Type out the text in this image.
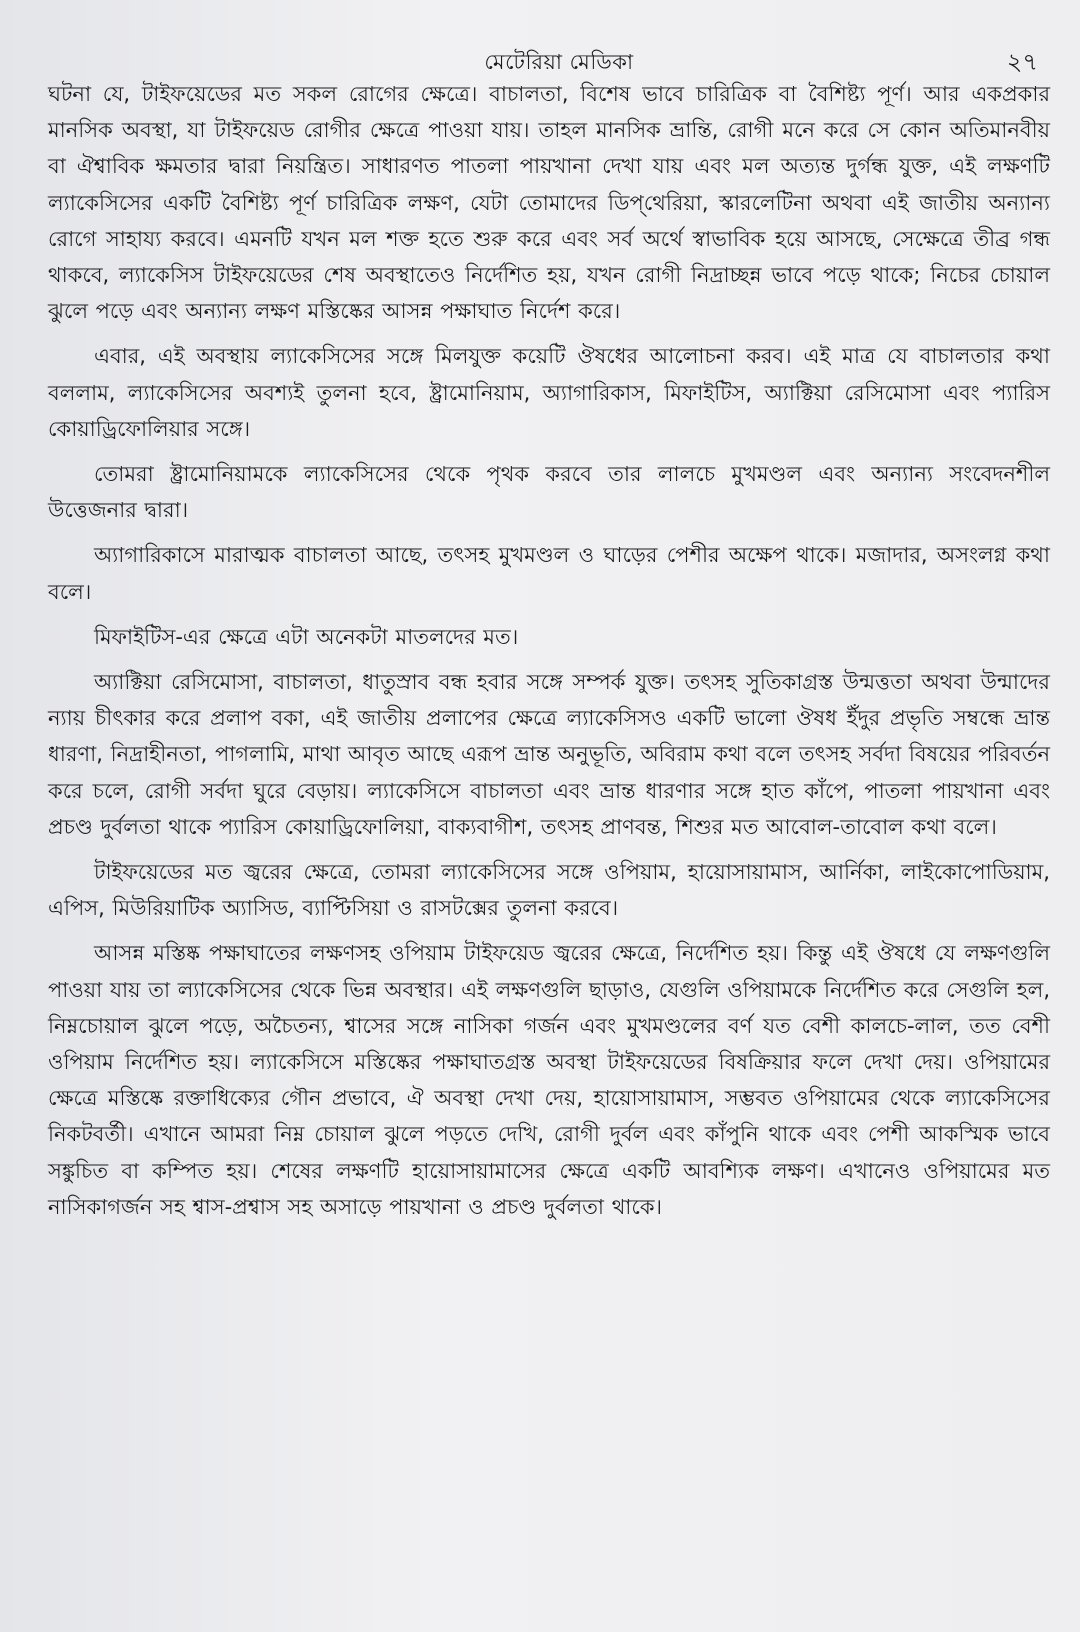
মেটেরিয়া মেডিকা	২৭

ঘটনা যে, টাইফয়েডের মত সকল রোগের ক্ষেত্রে। বাচালতা, বিশেষ ভাবে চারিত্রিক বা বৈশিষ্ট্য পূর্ণ। আর একপ্রকার মানসিক অবস্থা, যা টাইফয়েড রোগীর ক্ষেত্রে পাওয়া যায়। তাহল মানসিক ভ্রান্তি, রোগী মনে করে সে কোন অতিমানবীয় বা ঐশ্বাবিক ক্ষমতার দ্বারা নিয়ন্ত্রিত। সাধারণত পাতলা পায়খানা দেখা যায় এবং মল অত্যন্ত দুর্গন্ধ যুক্ত, এই লক্ষণটি ল্যাকেসিসের একটি বৈশিষ্ট্য পূর্ণ চারিত্রিক লক্ষণ, যেটা তোমাদের ডিপ্‌থেরিয়া, স্কারলেটিনা অথবা এই জাতীয় অন্যান্য রোগে সাহায্য করবে। এমনটি যখন মল শক্ত হতে শুরু করে এবং সর্ব অর্থে স্বাভাবিক হয়ে আসছে, সেক্ষেত্রে তীব্র গন্ধ থাকবে, ল্যাকেসিস টাইফয়েডের শেষ অবস্থাতেও নির্দেশিত হয়, যখন রোগী নিদ্রাচ্ছন্ন ভাবে পড়ে থাকে; নিচের চোয়াল ঝুলে পড়ে এবং অন্যান্য লক্ষণ মস্তিষ্কের আসন্ন পক্ষাঘাত নির্দেশ করে।

এবার, এই অবস্থায় ল্যাকেসিসের সঙ্গে মিলযুক্ত কয়েটি ঔষধের আলোচনা করব। এই মাত্র যে বাচালতার কথা বললাম, ল্যাকেসিসের অবশ্যই তুলনা হবে, ষ্ট্রামোনিয়াম, অ্যাগারিকাস, মিফাইটিস, অ্যাক্টিয়া রেসিমোসা এবং প্যারিস কোয়াড্রিফোলিয়ার সঙ্গে।

তোমরা ষ্ট্রামোনিয়ামকে ল্যাকেসিসের থেকে পৃথক করবে তার লালচে মুখমণ্ডল এবং অন্যান্য সংবেদনশীল উত্তেজনার দ্বারা।

অ্যাগারিকাসে মারাত্মক বাচালতা আছে, তৎসহ মুখমণ্ডল ও ঘাড়ের পেশীর অক্ষেপ থাকে। মজাদার, অসংলগ্ন কথা বলে।

মিফাইটিস-এর ক্ষেত্রে এটা অনেকটা মাতলদের মত।

অ্যাক্টিয়া রেসিমোসা, বাচালতা, ধাতুস্রাব বন্ধ হবার সঙ্গে সম্পর্ক যুক্ত। তৎসহ সুতিকাগ্রস্ত উন্মত্ততা অথবা উন্মাদের ন্যায় চীৎকার করে প্রলাপ বকা, এই জাতীয় প্রলাপের ক্ষেত্রে ল্যাকেসিসও একটি ভালো ঔষধ ইঁদুর প্রভৃতি সম্বন্ধে ভ্রান্ত ধারণা, নিদ্রাহীনতা, পাগলামি, মাথা আবৃত আছে এরূপ ভ্রান্ত অনুভূতি, অবিরাম কথা বলে তৎসহ সর্বদা বিষয়ের পরিবর্তন করে চলে, রোগী সর্বদা ঘুরে বেড়ায়। ল্যাকেসিসে বাচালতা এবং ভ্রান্ত ধারণার সঙ্গে হাত কাঁপে, পাতলা পায়খানা এবং প্রচণ্ড দুর্বলতা থাকে প্যারিস কোয়াড্রিফোলিয়া, বাক্যবাগীশ, তৎসহ প্রাণবন্ত, শিশুর মত আবোল-তাবোল কথা বলে।

টাইফয়েডের মত জ্বরের ক্ষেত্রে, তোমরা ল্যাকেসিসের সঙ্গে ওপিয়াম, হায়োসায়ামাস, আর্নিকা, লাইকোপোডিয়াম, এপিস, মিউরিয়াটিক অ্যাসিড, ব্যাপ্টিসিয়া ও রাসটক্সের তুলনা করবে।

আসন্ন মস্তিষ্ক পক্ষাঘাতের লক্ষণসহ ওপিয়াম টাইফয়েড জ্বরের ক্ষেত্রে, নির্দেশিত হয়। কিন্তু এই ঔষধে যে লক্ষণগুলি পাওয়া যায় তা ল্যাকেসিসের থেকে ভিন্ন অবস্থার। এই লক্ষণগুলি ছাড়াও, যেগুলি ওপিয়ামকে নির্দেশিত করে সেগুলি হল, নিম্নচোয়াল ঝুলে পড়ে, অচৈতন্য, শ্বাসের সঙ্গে নাসিকা গর্জন এবং মুখমণ্ডলের বর্ণ যত বেশী কালচে-লাল, তত বেশী ওপিয়াম নির্দেশিত হয়। ল্যাকেসিসে মস্তিষ্কের পক্ষাঘাতগ্রস্ত অবস্থা টাইফয়েডের বিষক্রিয়ার ফলে দেখা দেয়। ওপিয়ামের ক্ষেত্রে মস্তিষ্কে রক্তাধিক্যের গৌন প্রভাবে, ঐ অবস্থা দেখা দেয়, হায়োসায়ামাস, সম্ভবত ওপিয়ামের থেকে ল্যাকেসিসের নিকটবর্তী। এখানে আমরা নিম্ন চোয়াল ঝুলে পড়তে দেখি, রোগী দুর্বল এবং কাঁপুনি থাকে এবং পেশী আকস্মিক ভাবে সঙ্কুচিত বা কম্পিত হয়। শেষের লক্ষণটি হায়োসায়ামাসের ক্ষেত্রে একটি আবশ্যিক লক্ষণ। এখানেও ওপিয়ামের মত নাসিকাগর্জন সহ শ্বাস-প্রশ্বাস সহ অসাড়ে পায়খানা ও প্রচণ্ড দুর্বলতা থাকে।
